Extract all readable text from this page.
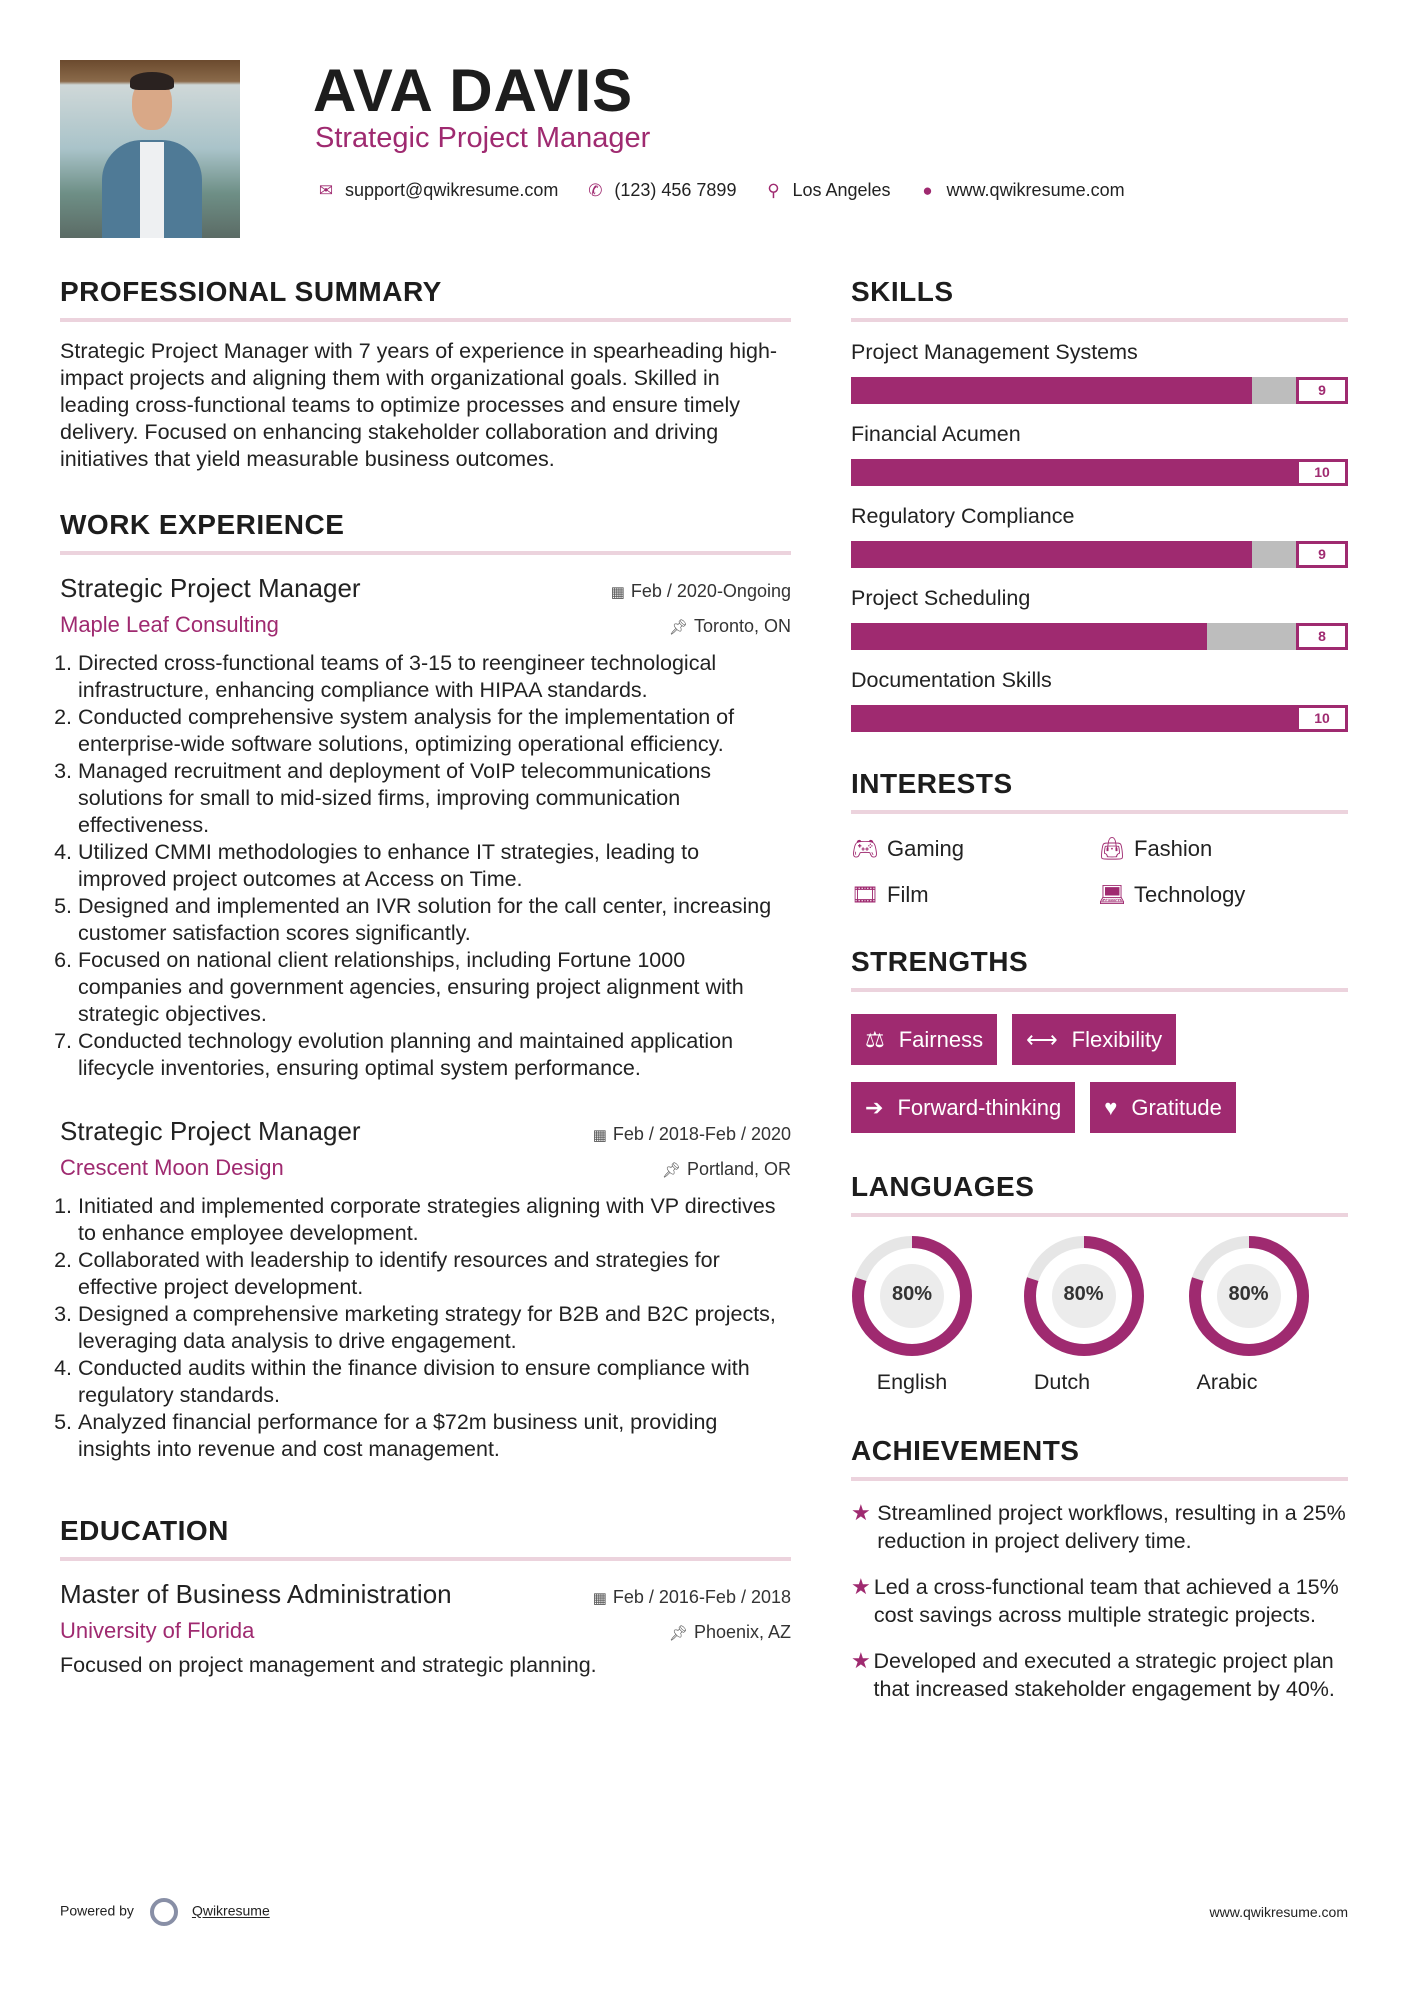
AVA DAVIS
Strategic Project Manager
✉ support@qwikresume.com ✆ (123) 456 7899 ⚲ Los Angeles	● www.qwikresume.com
PROFESSIONAL SUMMARY

Strategic Project Manager with 7 years of experience in spearheading high-impact projects and aligning them with organizational goals. Skilled in leading cross-functional teams to optimize processes and ensure timely delivery. Focused on enhancing stakeholder collaboration and driving initiatives that yield measurable business outcomes.

WORK EXPERIENCE
Strategic Project Manager	▦ Feb / 2020-Ongoing
Maple Leaf Consulting	📌︎ Toronto, ON
1. Directed cross-functional teams of 3-15 to reengineer technological infrastructure, enhancing compliance with HIPAA standards.
2. Conducted comprehensive system analysis for the implementation of enterprise-wide software solutions, optimizing operational efficiency.
3. Managed recruitment and deployment of VoIP telecommunications solutions for small to mid-sized firms, improving communication effectiveness.
4. Utilized CMMI methodologies to enhance IT strategies, leading to improved project outcomes at Access on Time.
5. Designed and implemented an IVR solution for the call center, increasing customer satisfaction scores significantly.
6. Focused on national client relationships, including Fortune 1000 companies and government agencies, ensuring project alignment with strategic objectives.
7. Conducted technology evolution planning and maintained application lifecycle inventories, ensuring optimal system performance.
Strategic Project Manager	▦ Feb / 2018-Feb / 2020
Crescent Moon Design	📌︎ Portland, OR
1. Initiated and implemented corporate strategies aligning with VP directives to enhance employee development.
2. Collaborated with leadership to identify resources and strategies for effective project development.
3. Designed a comprehensive marketing strategy for B2B and B2C projects, leveraging data analysis to drive engagement.
4. Conducted audits within the finance division to ensure compliance with regulatory standards.
5. Analyzed financial performance for a $72m business unit, providing insights into revenue and cost management.
EDUCATION
Master of Business Administration	▦ Feb / 2016-Feb / 2018
University of Florida	📌︎ Phoenix, AZ

Focused on project management and strategic planning.

SKILLS
Project Management Systems
9
Financial Acumen
10
Regulatory Compliance
9
Project Scheduling
8
Documentation Skills
10
INTERESTS
🎮︎ Gaming	👜︎ Fashion
🎞︎ Film	💻︎ Technology
STRENGTHS
⚖ Fairness ⟷ Flexibility
➔ Forward-thinking ♥ Gratitude
LANGUAGES
80%
English
80%
Dutch
80%
Arabic
ACHIEVEMENTS
★ Streamlined project workflows, resulting in a 25% reduction in project delivery time.
★ Led a cross-functional team that achieved a 15% cost savings across multiple strategic projects.
★ Developed and executed a strategic project plan that increased stakeholder engagement by 40%.
Powered by	Qwikresume	www.qwikresume.com
